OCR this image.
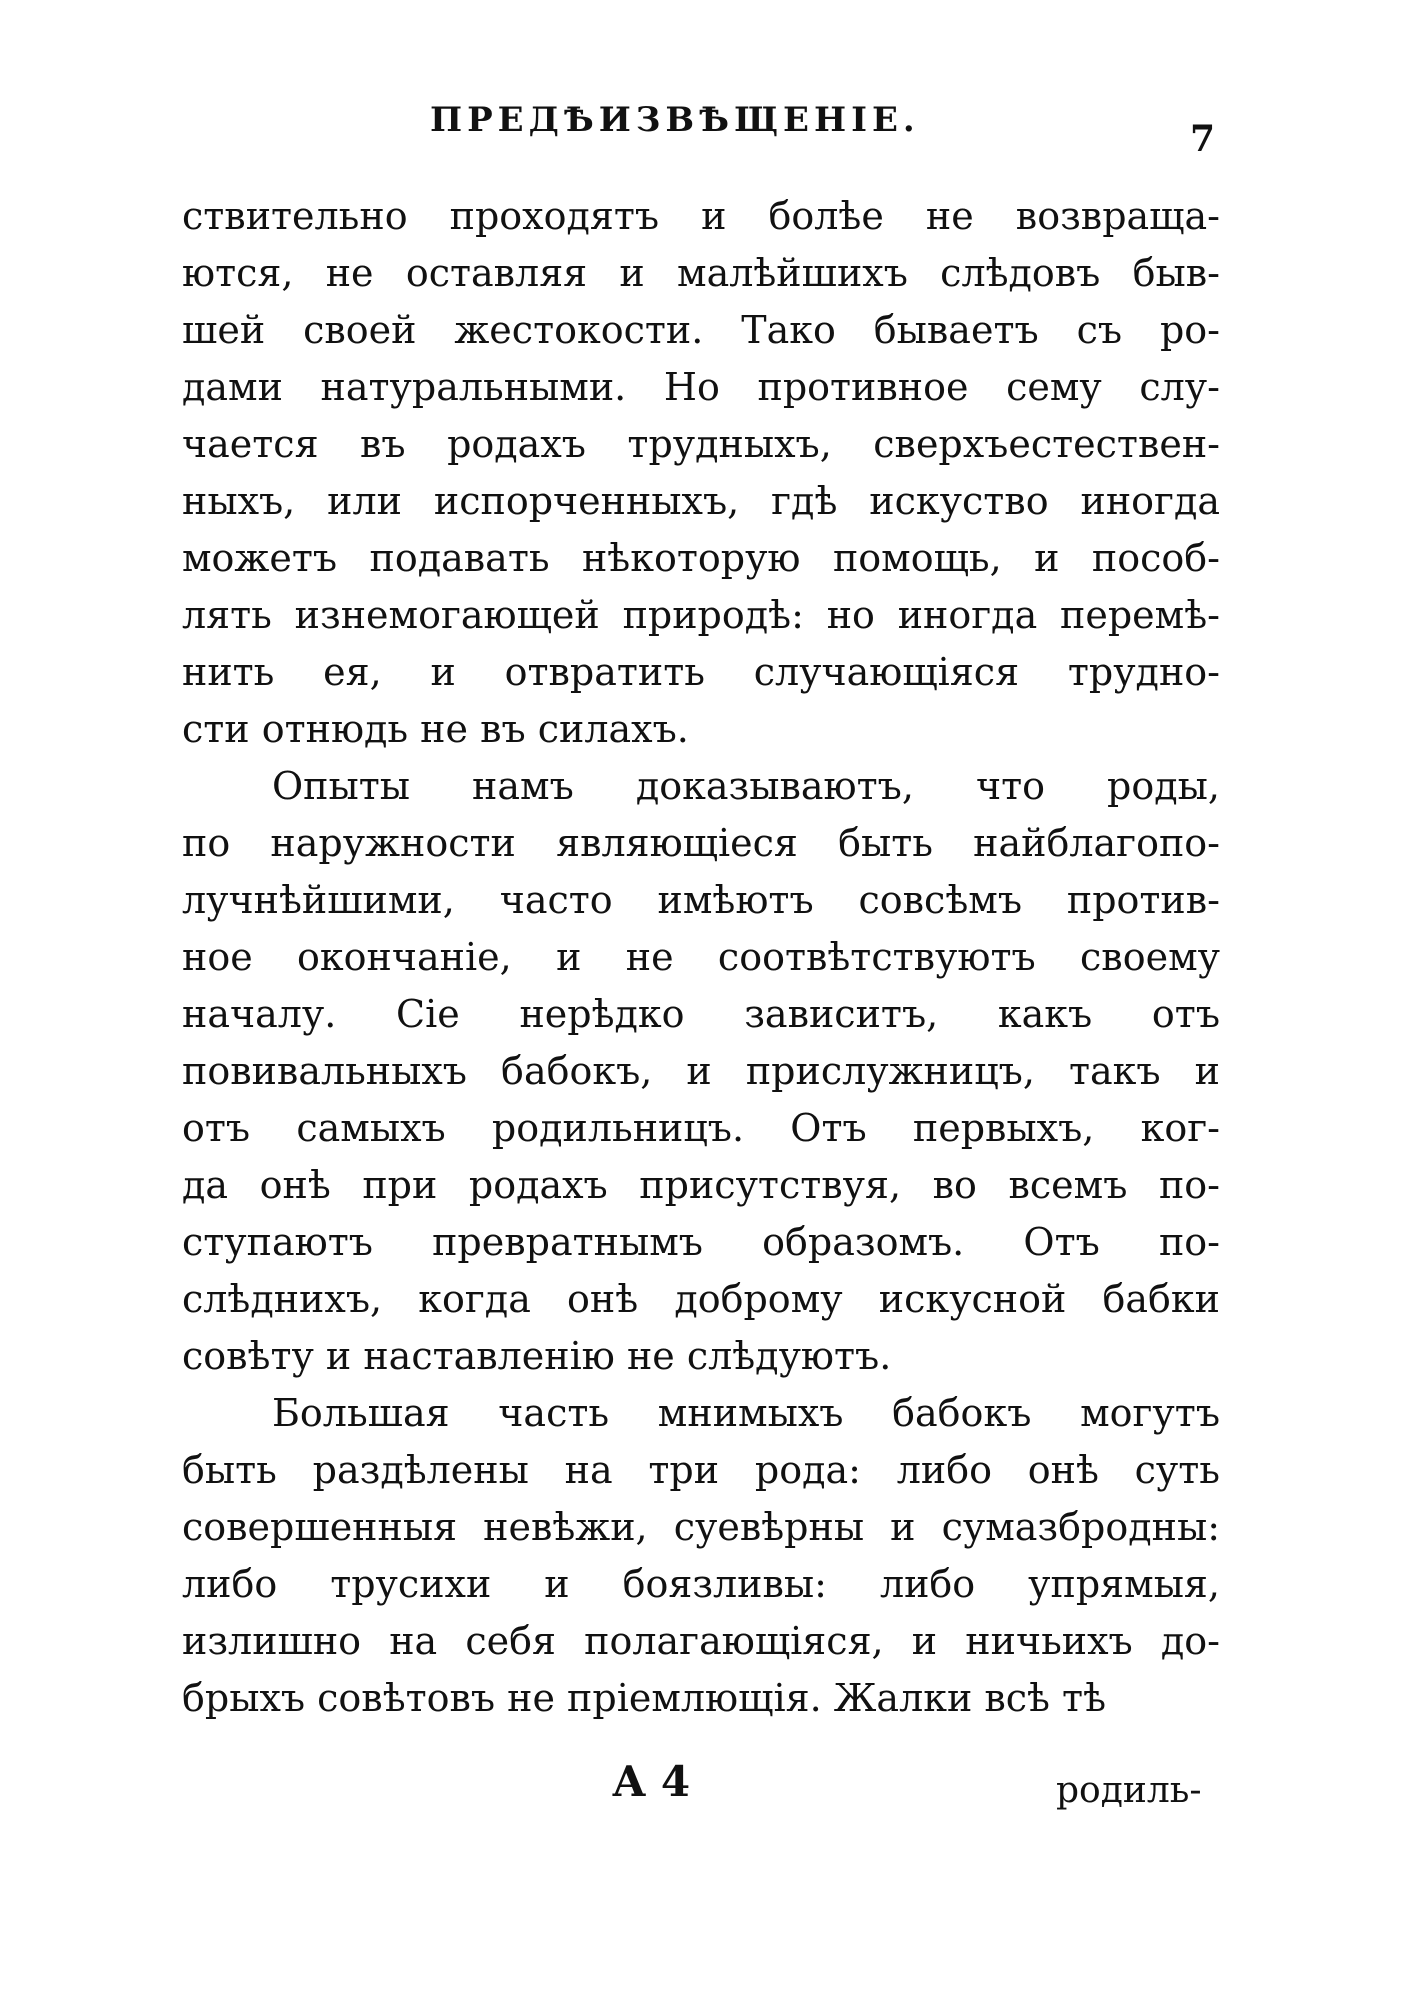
ПРЕДѢИЗВѢЩЕНІЕ.	7
ствительно проходятъ и болѣе не возвраща-
ются, не оставляя и малѣйшихъ слѣдовъ быв-
шей своей жестокости. Тако бываетъ съ ро-
дами натуральными. Но противное сему слу-
чается въ родахъ трудныхъ, сверхъестествен-
ныхъ, или испорченныхъ, гдѣ искуство иногда
можетъ подавать нѣкоторую помощь, и пособ-
лять изнемогающей природѣ: но иногда перемѣ-
нить ея, и отвратить случающіяся трудно-
сти отнюдь не въ силахъ.
Опыты намъ доказываютъ, что роды,
по наружности являющіеся быть найблагопо-
лучнѣйшими, часто имѣютъ совсѣмъ против-
ное окончаніе, и не соотвѣтствуютъ своему
началу. Сіе нерѣдко зависитъ, какъ отъ
повивальныхъ бабокъ, и прислужницъ, такъ и
отъ самыхъ родильницъ. Отъ первыхъ, ког-
да онѣ при родахъ присутствуя, во всемъ по-
ступаютъ превратнымъ образомъ. Отъ по-
слѣднихъ, когда онѣ доброму искусной бабки
совѣту и наставленію не слѣдуютъ.
Большая часть мнимыхъ бабокъ могутъ
быть раздѣлены на три рода: либо онѣ суть
совершенныя невѣжи, суевѣрны и сумазбродны:
либо трусихи и боязливы: либо упрямыя,
излишно на себя полагающіяся, и ничьихъ до-
брыхъ совѣтовъ не пріемлющія. Жалки всѣ тѣ
А 4	родиль-
